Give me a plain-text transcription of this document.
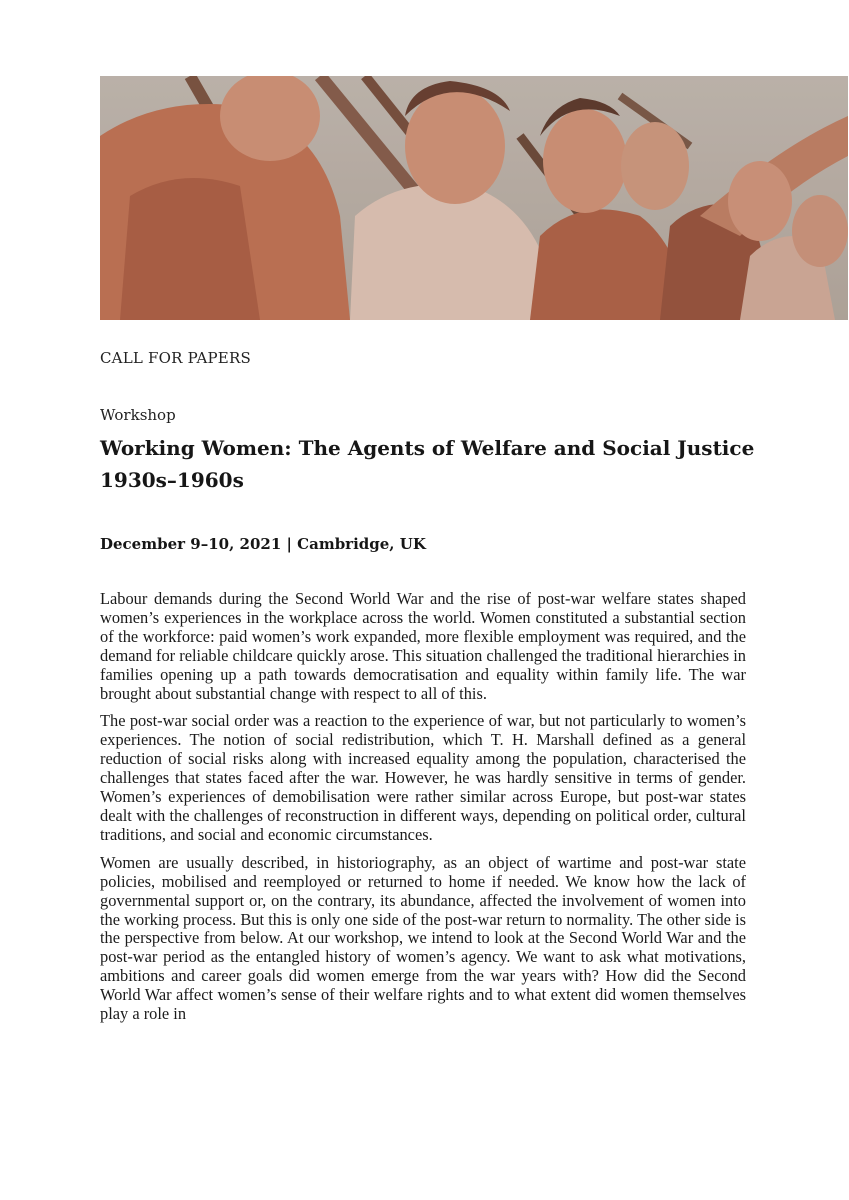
CALL FOR PAPERS
Workshop
Working Women: The Agents of Welfare and Social Justice
1930s–1960s
December 9–10, 2021 | Cambridge, UK

Labour demands during the Second World War and the rise of post-war welfare states shaped women’s experiences in the workplace across the world. Women constituted a substantial section of the workforce: paid women’s work expanded, more flexible employment was required, and the demand for reliable childcare quickly arose. This situation challenged the traditional hierarchies in families opening up a path towards democratisation and equality within family life. The war brought about substantial change with respect to all of this.

The post-war social order was a reaction to the experience of war, but not particularly to women’s experiences. The notion of social redistribution, which T. H. Marshall defined as a general reduction of social risks along with increased equality among the population, characterised the challenges that states faced after the war. However, he was hardly sensitive in terms of gender. Women’s experiences of demobilisation were rather similar across Europe, but post-war states dealt with the challenges of reconstruction in different ways, depending on political order, cultural traditions, and social and economic circumstances.

Women are usually described, in historiography, as an object of wartime and post-war state policies, mobilised and reemployed or returned to home if needed. We know how the lack of governmental support or, on the contrary, its abundance, affected the involvement of women into the working process. But this is only one side of the post-war return to normality. The other side is the perspective from below. At our workshop, we intend to look at the Second World War and the post-war period as the entangled history of women’s agency. We want to ask what motivations, ambitions and career goals did women emerge from the war years with? How did the Second World War affect women’s sense of their welfare rights and to what extent did women themselves play a role in
